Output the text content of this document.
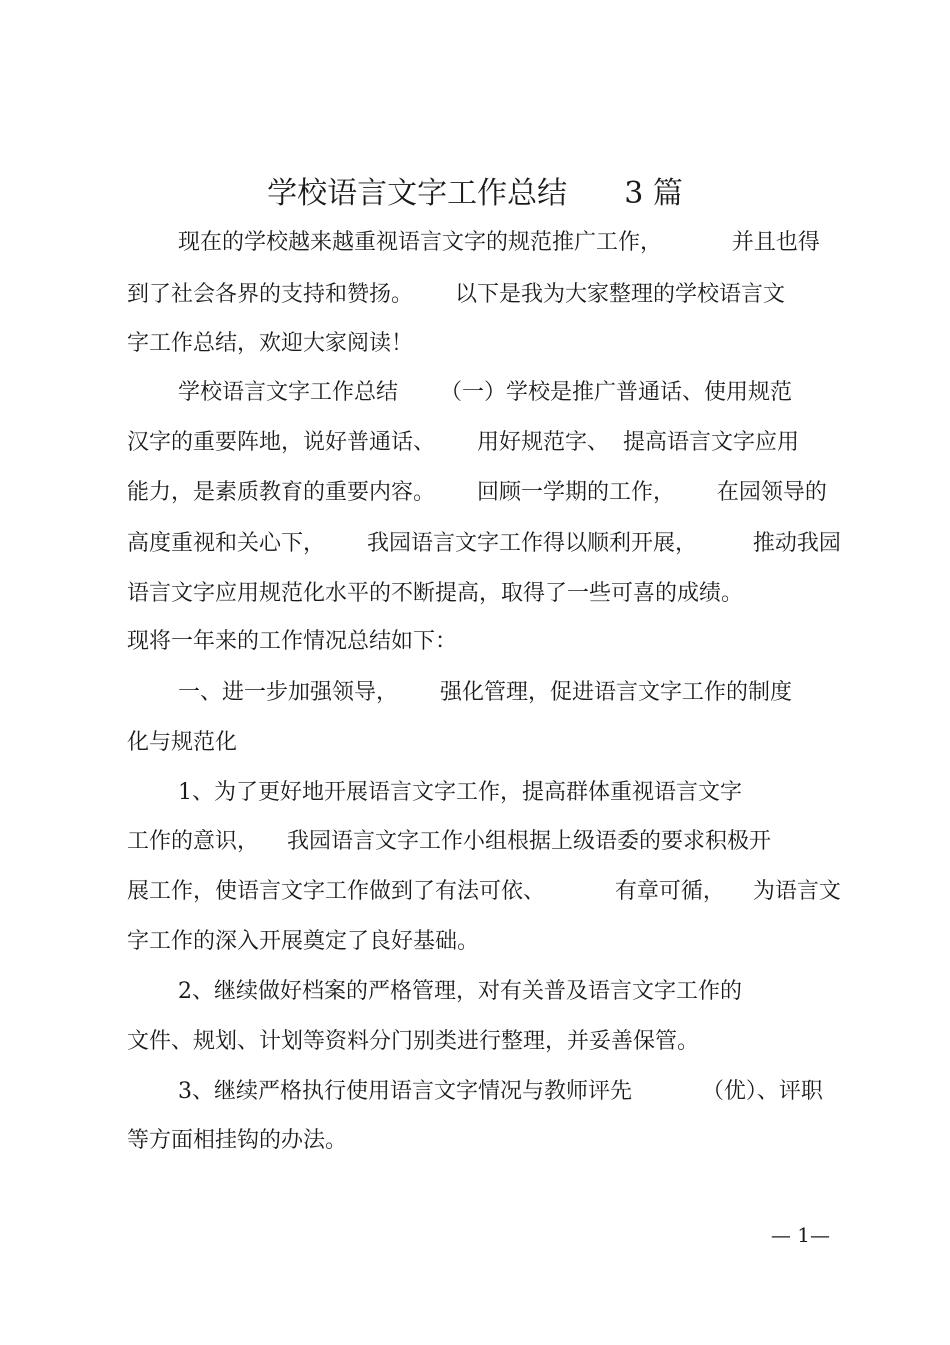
学校语言文字工作总结      3 篇
现在的学校越来越重视语言文字的规范推广工作，          并且也得
到了社会各界的支持和赞扬。      以下是我为大家整理的学校语言文
字工作总结，欢迎大家阅读！
学校语言文字工作总结      （一）学校是推广普通话、使用规范
汉字的重要阵地，说好普通话、      用好规范字、  提高语言文字应用
能力，是素质教育的重要内容。      回顾一学期的工作，      在园领导的
高度重视和关心下，      我园语言文字工作得以顺利开展，        推动我园
语言文字应用规范化水平的不断提高，取得了一些可喜的成绩。
现将一年来的工作情况总结如下：
一、进一步加强领导，      强化管理，促进语言文字工作的制度
化与规范化
1、为了更好地开展语言文字工作，提高群体重视语言文字
工作的意识，    我园语言文字工作小组根据上级语委的要求积极开
展工作，使语言文字工作做到了有法可依、          有章可循，    为语言文
字工作的深入开展奠定了良好基础。
2、继续做好档案的严格管理，对有关普及语言文字工作的
文件、规划、计划等资料分门别类进行整理，并妥善保管。
3、继续严格执行使用语言文字情况与教师评先          （优）、评职
等方面相挂钩的办法。
— 1—
